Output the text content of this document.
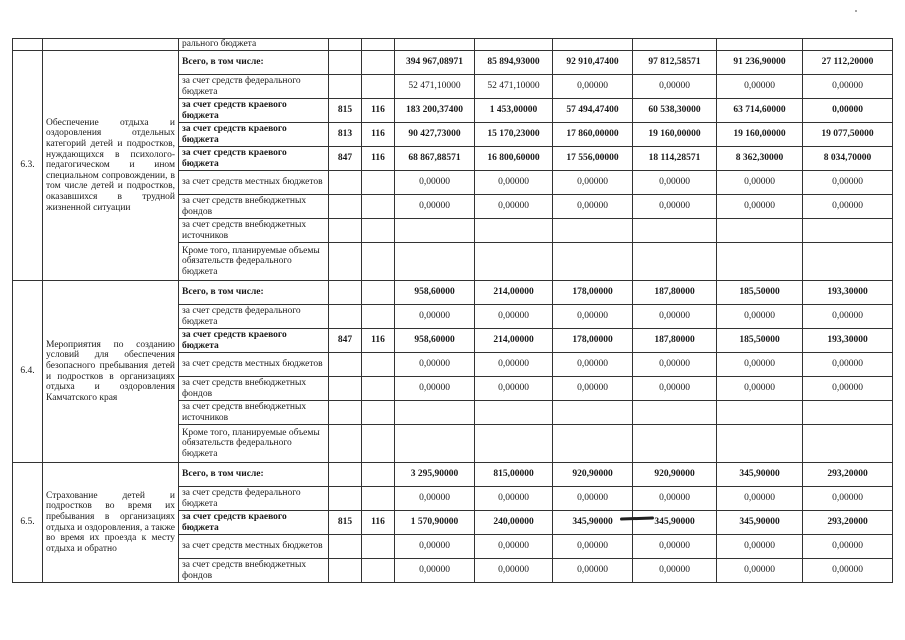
		рального бюджета								
6.3.	Обеспечение отдыха и оздоровления отдельных категорий детей и подростков, нуждающихся в психолого-педагогическом и ином специальном сопровождении, в том числе детей и подростков, оказавшихся в трудной жизненной ситуации	Всего, в том числе:			394 967,08971	85 894,93000	92 910,47400	97 812,58571	91 236,90000	27 112,20000
		за счет средств федерального бюджета			52 471,10000	52 471,10000	0,00000	0,00000	0,00000	0,00000
		за счет средств краевого бюджета	815	116	183 200,37400	1 453,00000	57 494,47400	60 538,30000	63 714,60000	0,00000
		за счет средств краевого бюджета	813	116	90 427,73000	15 170,23000	17 860,00000	19 160,00000	19 160,00000	19 077,50000
		за счет средств краевого бюджета	847	116	68 867,88571	16 800,60000	17 556,00000	18 114,28571	8 362,30000	8 034,70000
		за счет средств местных бюджетов			0,00000	0,00000	0,00000	0,00000	0,00000	0,00000
		за счет средств внебюджетных фондов			0,00000	0,00000	0,00000	0,00000	0,00000	0,00000
		за счет средств внебюджетных источников								
		Кроме того, планируемые объемы обязательств федерального бюджета								
6.4.	Мероприятия по созданию условий для обеспечения безопасного пребывания детей и подростков в организациях отдыха и оздоровления Камчатского края	Всего, в том числе:			958,60000	214,00000	178,00000	187,80000	185,50000	193,30000
		за счет средств федерального бюджета			0,00000	0,00000	0,00000	0,00000	0,00000	0,00000
		за счет средств краевого бюджета	847	116	958,60000	214,00000	178,00000	187,80000	185,50000	193,30000
		за счет средств местных бюджетов			0,00000	0,00000	0,00000	0,00000	0,00000	0,00000
		за счет средств внебюджетных фондов			0,00000	0,00000	0,00000	0,00000	0,00000	0,00000
		за счет средств внебюджетных источников								
		Кроме того, планируемые объемы обязательств федерального бюджета								
6.5.	Страхование детей и подростков во время их пребывания в организациях отдыха и оздоровления, а также во время их проезда к месту отдыха и обратно	Всего, в том числе:			3 295,90000	815,00000	920,90000	920,90000	345,90000	293,20000
		за счет средств федерального бюджета			0,00000	0,00000	0,00000	0,00000	0,00000	0,00000
		за счет средств краевого бюджета	815	116	1 570,90000	240,00000	345,90000	345,90000	345,90000	293,20000
		за счет средств местных бюджетов			0,00000	0,00000	0,00000	0,00000	0,00000	0,00000
		за счет средств внебюджетных фондов			0,00000	0,00000	0,00000	0,00000	0,00000	0,00000
